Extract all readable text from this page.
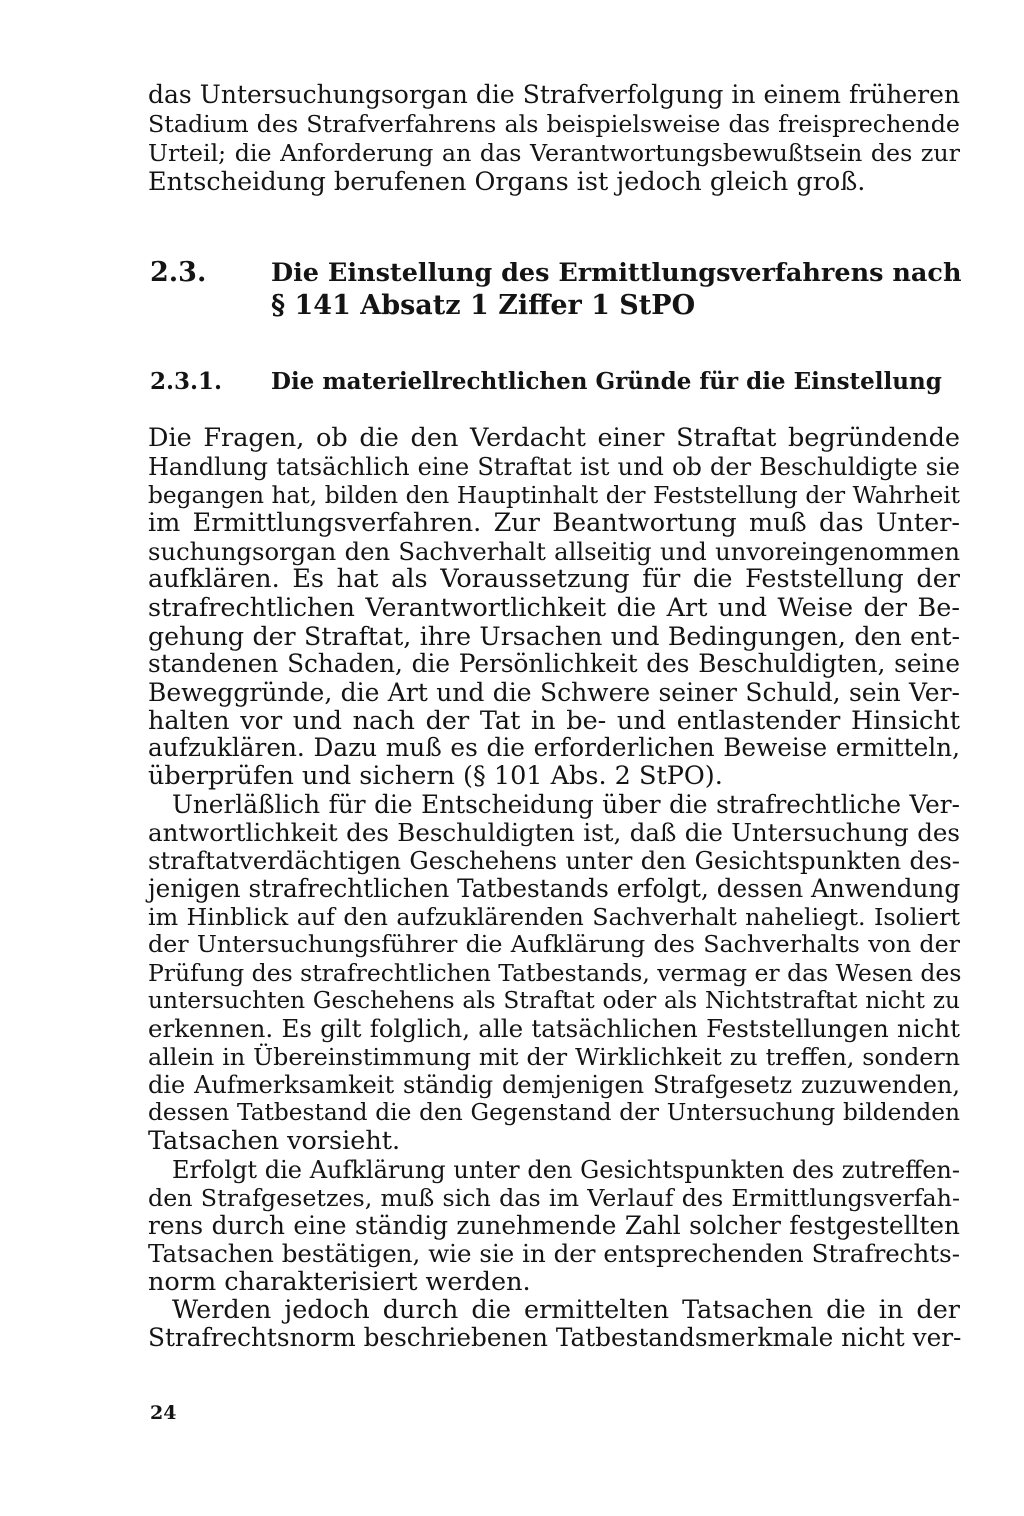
das Untersuchungsorgan die Strafverfolgung in einem früheren
Stadium des Strafverfahrens als beispielsweise das freisprechende
Urteil; die Anforderung an das Verantwortungsbewußtsein des zur
Entscheidung berufenen Organs ist jedoch gleich groß.
2.3.	Die Einstellung des Ermittlungsverfahrens nach
§ 141 Absatz 1 Ziffer 1 StPO
2.3.1. Die materiellrechtlichen Gründe für die Einstellung
Die Fragen, ob die den Verdacht einer Straftat begründende
Handlung tatsächlich eine Straftat ist und ob der Beschuldigte sie
begangen hat, bilden den Hauptinhalt der Feststellung der Wahrheit
im Ermittlungsverfahren. Zur Beantwortung muß das Unter-
suchungsorgan den Sachverhalt allseitig und unvoreingenommen
aufklären. Es hat als Voraussetzung für die Feststellung der
strafrechtlichen Verantwortlichkeit die Art und Weise der Be-
gehung der Straftat, ihre Ursachen und Bedingungen, den ent-
standenen Schaden, die Persönlichkeit des Beschuldigten, seine
Beweggründe, die Art und die Schwere seiner Schuld, sein Ver-
halten vor und nach der Tat in be- und entlastender Hinsicht
aufzuklären. Dazu muß es die erforderlichen Beweise ermitteln,
überprüfen und sichern (§ 101 Abs. 2 StPO).
Unerläßlich für die Entscheidung über die strafrechtliche Ver-
antwortlichkeit des Beschuldigten ist, daß die Untersuchung des
straftatverdächtigen Geschehens unter den Gesichtspunkten des-
jenigen strafrechtlichen Tatbestands erfolgt, dessen Anwendung
im Hinblick auf den aufzuklärenden Sachverhalt naheliegt. Isoliert
der Untersuchungsführer die Aufklärung des Sachverhalts von der
Prüfung des strafrechtlichen Tatbestands, vermag er das Wesen des
untersuchten Geschehens als Straftat oder als Nichtstraftat nicht zu
erkennen. Es gilt folglich, alle tatsächlichen Feststellungen nicht
allein in Übereinstimmung mit der Wirklichkeit zu treffen, sondern
die Aufmerksamkeit ständig demjenigen Strafgesetz zuzuwenden,
dessen Tatbestand die den Gegenstand der Untersuchung bildenden
Tatsachen vorsieht.
Erfolgt die Aufklärung unter den Gesichtspunkten des zutreffen-
den Strafgesetzes, muß sich das im Verlauf des Ermittlungsverfah-
rens durch eine ständig zunehmende Zahl solcher festgestellten
Tatsachen bestätigen, wie sie in der entsprechenden Strafrechts-
norm charakterisiert werden.
Werden jedoch durch die ermittelten Tatsachen die in der
Strafrechtsnorm beschriebenen Tatbestandsmerkmale nicht ver-
24
